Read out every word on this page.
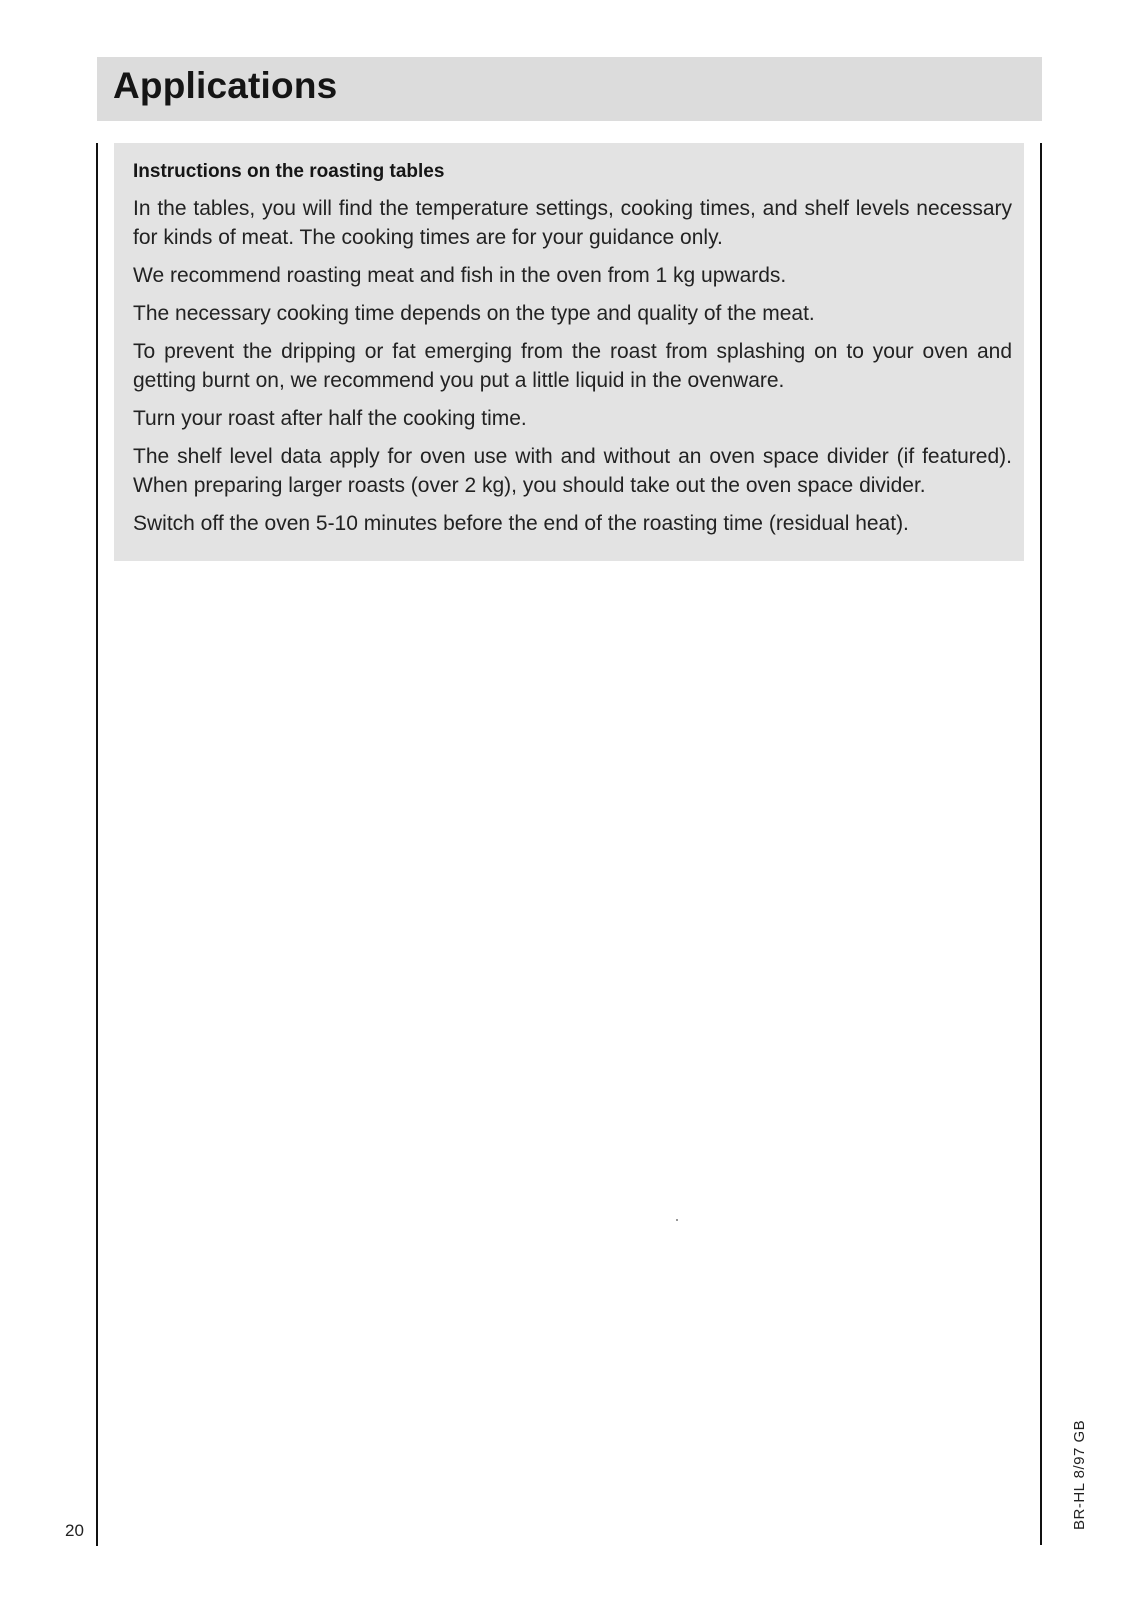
Applications
Instructions on the roasting tables

In the tables, you will find the temperature settings, cooking times, and shelf levels necessary for kinds of meat. The cooking times are for your guidance only.

We recommend roasting meat and fish in the oven from 1 kg upwards.

The necessary cooking time depends on the type and quality of the meat.

To prevent the dripping or fat emerging from the roast from splashing on to your oven and getting burnt on, we recommend you put a little liquid in the ovenware.

Turn your roast after half the cooking time.

The shelf level data apply for oven use with and without an oven space divider (if featured). When preparing larger roasts (over 2 kg), you should take out the oven space divider.

Switch off the oven 5-10 minutes before the end of the roasting time (residual heat).

20
BR-HL 8/97 GB
